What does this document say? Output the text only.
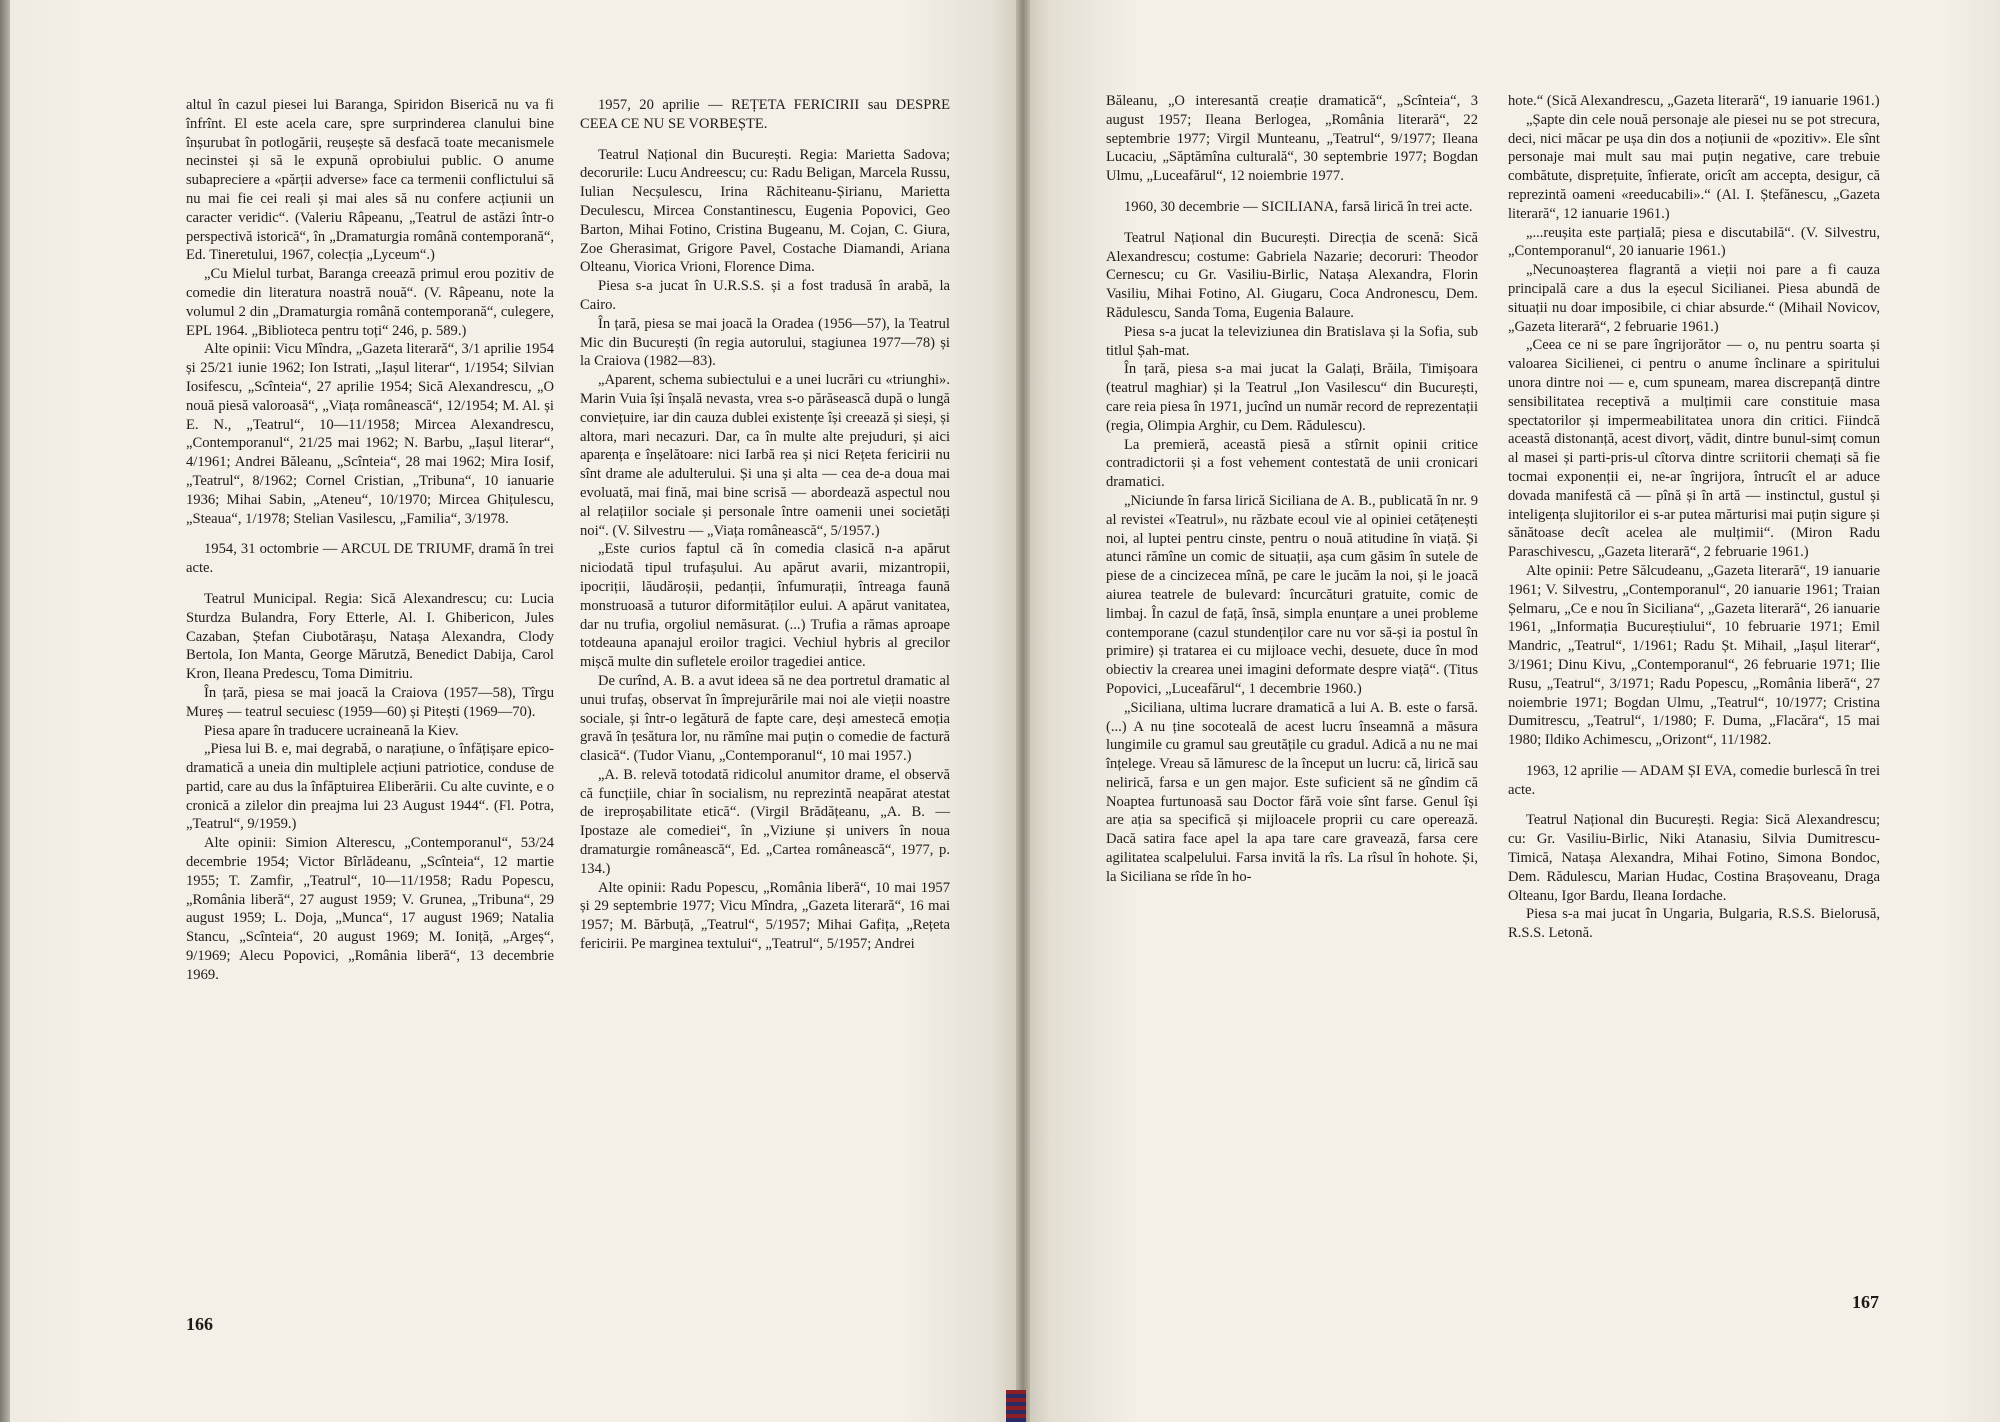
altul în cazul piesei lui Baranga, Spiridon Biserică nu va fi înfrînt. El este acela care, spre surprinderea clanului bine înșurubat în potlogării, reușește să desfacă toate mecanismele necinstei și să le expună oprobiului public. O anume subapreciere a «părții adverse» face ca termenii conflictului să nu mai fie cei reali și mai ales să nu confere acțiunii un caracter veridic“. (Valeriu Râpeanu, „Teatrul de astăzi într-o perspectivă istorică“, în „Dramaturgia română contemporană“, Ed. Tineretului, 1967, colecția „Lyceum“.)

„Cu Mielul turbat, Baranga creează primul erou pozitiv de comedie din literatura noastră nouă“. (V. Râpeanu, note la volumul 2 din „Dramaturgia română contemporană“, culegere, EPL 1964. „Biblioteca pentru toți“ 246, p. 589.)

Alte opinii: Vicu Mîndra, „Gazeta literară“, 3/1 aprilie 1954 și 25/21 iunie 1962; Ion Istrati, „Iașul literar“, 1/1954; Silvian Iosifescu, „Scînteia“, 27 aprilie 1954; Sică Alexandrescu, „O nouă piesă valoroasă“, „Viața românească“, 12/1954; M. Al. și E. N., „Teatrul“, 10—11/1958; Mircea Alexandrescu, „Contemporanul“, 21/25 mai 1962; N. Barbu, „Iașul literar“, 4/1961; Andrei Băleanu, „Scînteia“, 28 mai 1962; Mira Iosif, „Teatrul“, 8/1962; Cornel Cristian, „Tribuna“, 10 ianuarie 1936; Mihai Sabin, „Ateneu“, 10/1970; Mircea Ghițulescu, „Steaua“, 1/1978; Stelian Vasilescu, „Familia“, 3/1978.

1954, 31 octombrie — ARCUL DE TRIUMF, dramă în trei acte.

Teatrul Municipal. Regia: Sică Alexandrescu; cu: Lucia Sturdza Bulandra, Fory Etterle, Al. I. Ghibericon, Jules Cazaban, Ștefan Ciubotărașu, Natașa Alexandra, Clody Bertola, Ion Manta, George Mărutză, Benedict Dabija, Carol Kron, Ileana Predescu, Toma Dimitriu.

În țară, piesa se mai joacă la Craiova (1957—58), Tîrgu Mureș — teatrul secuiesc (1959—60) și Pitești (1969—70).

Piesa apare în traducere ucraineană la Kiev.

„Piesa lui B. e, mai degrabă, o narațiune, o înfățișare epico-dramatică a uneia din multiplele acțiuni patriotice, conduse de partid, care au dus la înfăptuirea Eliberării. Cu alte cuvinte, e o cronică a zilelor din preajma lui 23 August 1944“. (Fl. Potra, „Teatrul“, 9/1959.)

Alte opinii: Simion Alterescu, „Contemporanul“, 53/24 decembrie 1954; Victor Bîrlădeanu, „Scînteia“, 12 martie 1955; T. Zamfir, „Teatrul“, 10—11/1958; Radu Popescu, „România liberă“, 27 august 1959; V. Grunea, „Tribuna“, 29 august 1959; L. Doja, „Munca“, 17 august 1969; Natalia Stancu, „Scînteia“, 20 august 1969; M. Ioniță, „Argeș“, 9/1969; Alecu Popovici, „România liberă“, 13 decembrie 1969.

1957, 20 aprilie — REȚETA FERICIRII sau DESPRE CEEA CE NU SE VORBEȘTE.

Teatrul Național din București. Regia: Marietta Sadova; decorurile: Lucu Andreescu; cu: Radu Beligan, Marcela Russu, Iulian Necșulescu, Irina Răchiteanu-Șirianu, Marietta Deculescu, Mircea Constantinescu, Eugenia Popovici, Geo Barton, Mihai Fotino, Cristina Bugeanu, M. Cojan, C. Giura, Zoe Gherasimat, Grigore Pavel, Costache Diamandi, Ariana Olteanu, Viorica Vrioni, Florence Dima.

Piesa s-a jucat în U.R.S.S. și a fost tradusă în arabă, la Cairo.

În țară, piesa se mai joacă la Oradea (1956—57), la Teatrul Mic din București (în regia autorului, stagiunea 1977—78) și la Craiova (1982—83).

„Aparent, schema subiectului e a unei lucrări cu «triunghi». Marin Vuia își înșală nevasta, vrea s-o părăsească după o lungă conviețuire, iar din cauza dublei existențe își creează și sieși, și altora, mari necazuri. Dar, ca în multe alte prejuduri, și aici aparența e înșelătoare: nici Iarbă rea și nici Rețeta fericirii nu sînt drame ale adulterului. Și una și alta — cea de-a doua mai evoluată, mai fină, mai bine scrisă — abordează aspectul nou al relațiilor sociale și personale între oamenii unei societăți noi“. (V. Silvestru — „Viața românească“, 5/1957.)

„Este curios faptul că în comedia clasică n-a apărut niciodată tipul trufașului. Au apărut avarii, mizantropii, ipocriții, lăudăroșii, pedanții, înfumurații, întreaga faună monstruoasă a tuturor diformităților eului. A apărut vanitatea, dar nu trufia, orgoliul nemăsurat. (...) Trufia a rămas aproape totdeauna apanajul eroilor tragici. Vechiul hybris al grecilor mișcă multe din sufletele eroilor tragediei antice.

De curînd, A. B. a avut ideea să ne dea portretul dramatic al unui trufaș, observat în împrejurările mai noi ale vieții noastre sociale, și într-o legătură de fapte care, deși amestecă emoția gravă în țesătura lor, nu rămîne mai puțin o comedie de factură clasică“. (Tudor Vianu, „Contemporanul“, 10 mai 1957.)

„A. B. relevă totodată ridicolul anumitor drame, el observă că funcțiile, chiar în socialism, nu reprezintă neapărat atestat de ireproșabilitate etică“. (Virgil Brădățeanu, „A. B. — Ipostaze ale comediei“, în „Viziune și univers în noua dramaturgie românească“, Ed. „Cartea românească“, 1977, p. 134.)

Alte opinii: Radu Popescu, „România liberă“, 10 mai 1957 și 29 septembrie 1977; Vicu Mîndra, „Gazeta literară“, 16 mai 1957; M. Bărbuță, „Teatrul“, 5/1957; Mihai Gafița, „Rețeta fericirii. Pe marginea textului“, „Teatrul“, 5/1957; Andrei

Băleanu, „O interesantă creație dramatică“, „Scînteia“, 3 august 1957; Ileana Berlogea, „România literară“, 22 septembrie 1977; Virgil Munteanu, „Teatrul“, 9/1977; Ileana Lucaciu, „Săptămîna culturală“, 30 septembrie 1977; Bogdan Ulmu, „Luceafărul“, 12 noiembrie 1977.

1960, 30 decembrie — SICILIANA, farsă lirică în trei acte.

Teatrul Național din București. Direcția de scenă: Sică Alexandrescu; costume: Gabriela Nazarie; decoruri: Theodor Cernescu; cu Gr. Vasiliu-Birlic, Natașa Alexandra, Florin Vasiliu, Mihai Fotino, Al. Giugaru, Coca Andronescu, Dem. Rădulescu, Sanda Toma, Eugenia Balaure.

Piesa s-a jucat la televiziunea din Bratislava și la Sofia, sub titlul Șah-mat.

În țară, piesa s-a mai jucat la Galați, Brăila, Timișoara (teatrul maghiar) și la Teatrul „Ion Vasilescu“ din București, care reia piesa în 1971, jucînd un număr record de reprezentații (regia, Olimpia Arghir, cu Dem. Rădulescu).

La premieră, această piesă a stîrnit opinii critice contradictorii și a fost vehement contestată de unii cronicari dramatici.

„Niciunde în farsa lirică Siciliana de A. B., publicată în nr. 9 al revistei «Teatrul», nu răzbate ecoul vie al opiniei cetățenești noi, al luptei pentru cinste, pentru o nouă atitudine în viață. Și atunci rămîne un comic de situații, așa cum găsim în sutele de piese de a cincizecea mînă, pe care le jucăm la noi, și le joacă aiurea teatrele de bulevard: încurcături gratuite, comic de limbaj. În cazul de față, însă, simpla enunțare a unei probleme contemporane (cazul stundenților care nu vor să-și ia postul în primire) și tratarea ei cu mijloace vechi, desuete, duce în mod obiectiv la crearea unei imagini deformate despre viață“. (Titus Popovici, „Luceafărul“, 1 decembrie 1960.)

„Siciliana, ultima lucrare dramatică a lui A. B. este o farsă. (...) A nu ține socoteală de acest lucru înseamnă a măsura lungimile cu gramul sau greutățile cu gradul. Adică a nu ne mai înțelege. Vreau să lămuresc de la început un lucru: că, lirică sau nelirică, farsa e un gen major. Este suficient să ne gîndim că Noaptea furtunoasă sau Doctor fără voie sînt farse. Genul își are ația sa specifică și mijloacele proprii cu care operează. Dacă satira face apel la apa tare care gravează, farsa cere agilitatea scalpelului. Farsa invită la rîs. La rîsul în hohote. Și, la Siciliana se rîde în ho-

hote.“ (Sică Alexandrescu, „Gazeta literară“, 19 ianuarie 1961.)

„Șapte din cele nouă personaje ale piesei nu se pot strecura, deci, nici măcar pe ușa din dos a noțiunii de «pozitiv». Ele sînt personaje mai mult sau mai puțin negative, care trebuie combătute, disprețuite, înfierate, oricît am accepta, desigur, că reprezintă oameni «reeducabili».“ (Al. I. Ștefănescu, „Gazeta literară“, 12 ianuarie 1961.)

„...reușita este parțială; piesa e discutabilă“. (V. Silvestru, „Contemporanul“, 20 ianuarie 1961.)

„Necunoașterea flagrantă a vieții noi pare a fi cauza principală care a dus la eșecul Sicilianei. Piesa abundă de situații nu doar imposibile, ci chiar absurde.“ (Mihail Novicov, „Gazeta literară“, 2 februarie 1961.)

„Ceea ce ni se pare îngrijorător — o, nu pentru soarta și valoarea Sicilienei, ci pentru o anume înclinare a spiritului unora dintre noi — e, cum spuneam, marea discrepanță dintre sensibilitatea receptivă a mulțimii care constituie masa spectatorilor și impermeabilitatea unora din critici. Fiindcă această distonanță, acest divorț, vădit, dintre bunul-simț comun al masei și parti-pris-ul cîtorva dintre scriitorii chemați să fie tocmai exponenții ei, ne-ar îngrijora, întrucît el ar aduce dovada manifestă că — pînă și în artă — instinctul, gustul și inteligența slujitorilor ei s-ar putea mărturisi mai puțin sigure și sănătoase decît acelea ale mulțimii“. (Miron Radu Paraschivescu, „Gazeta literară“, 2 februarie 1961.)

Alte opinii: Petre Sălcudeanu, „Gazeta literară“, 19 ianuarie 1961; V. Silvestru, „Contemporanul“, 20 ianuarie 1961; Traian Șelmaru, „Ce e nou în Siciliana“, „Gazeta literară“, 26 ianuarie 1961, „Informația Bucureștiului“, 10 februarie 1971; Emil Mandric, „Teatrul“, 1/1961; Radu Șt. Mihail, „Iașul literar“, 3/1961; Dinu Kivu, „Contemporanul“, 26 februarie 1971; Ilie Rusu, „Teatrul“, 3/1971; Radu Popescu, „România liberă“, 27 noiembrie 1971; Bogdan Ulmu, „Teatrul“, 10/1977; Cristina Dumitrescu, „Teatrul“, 1/1980; F. Duma, „Flacăra“, 15 mai 1980; Ildiko Achimescu, „Orizont“, 11/1982.

1963, 12 aprilie — ADAM ȘI EVA, comedie burlescă în trei acte.

Teatrul Național din București. Regia: Sică Alexandrescu; cu: Gr. Vasiliu-Birlic, Niki Atanasiu, Silvia Dumitrescu-Timică, Natașa Alexandra, Mihai Fotino, Simona Bondoc, Dem. Rădulescu, Marian Hudac, Costina Brașoveanu, Draga Olteanu, Igor Bardu, Ileana Iordache.

Piesa s-a mai jucat în Ungaria, Bulgaria, R.S.S. Bielorusă, R.S.S. Letonă.

166
167
